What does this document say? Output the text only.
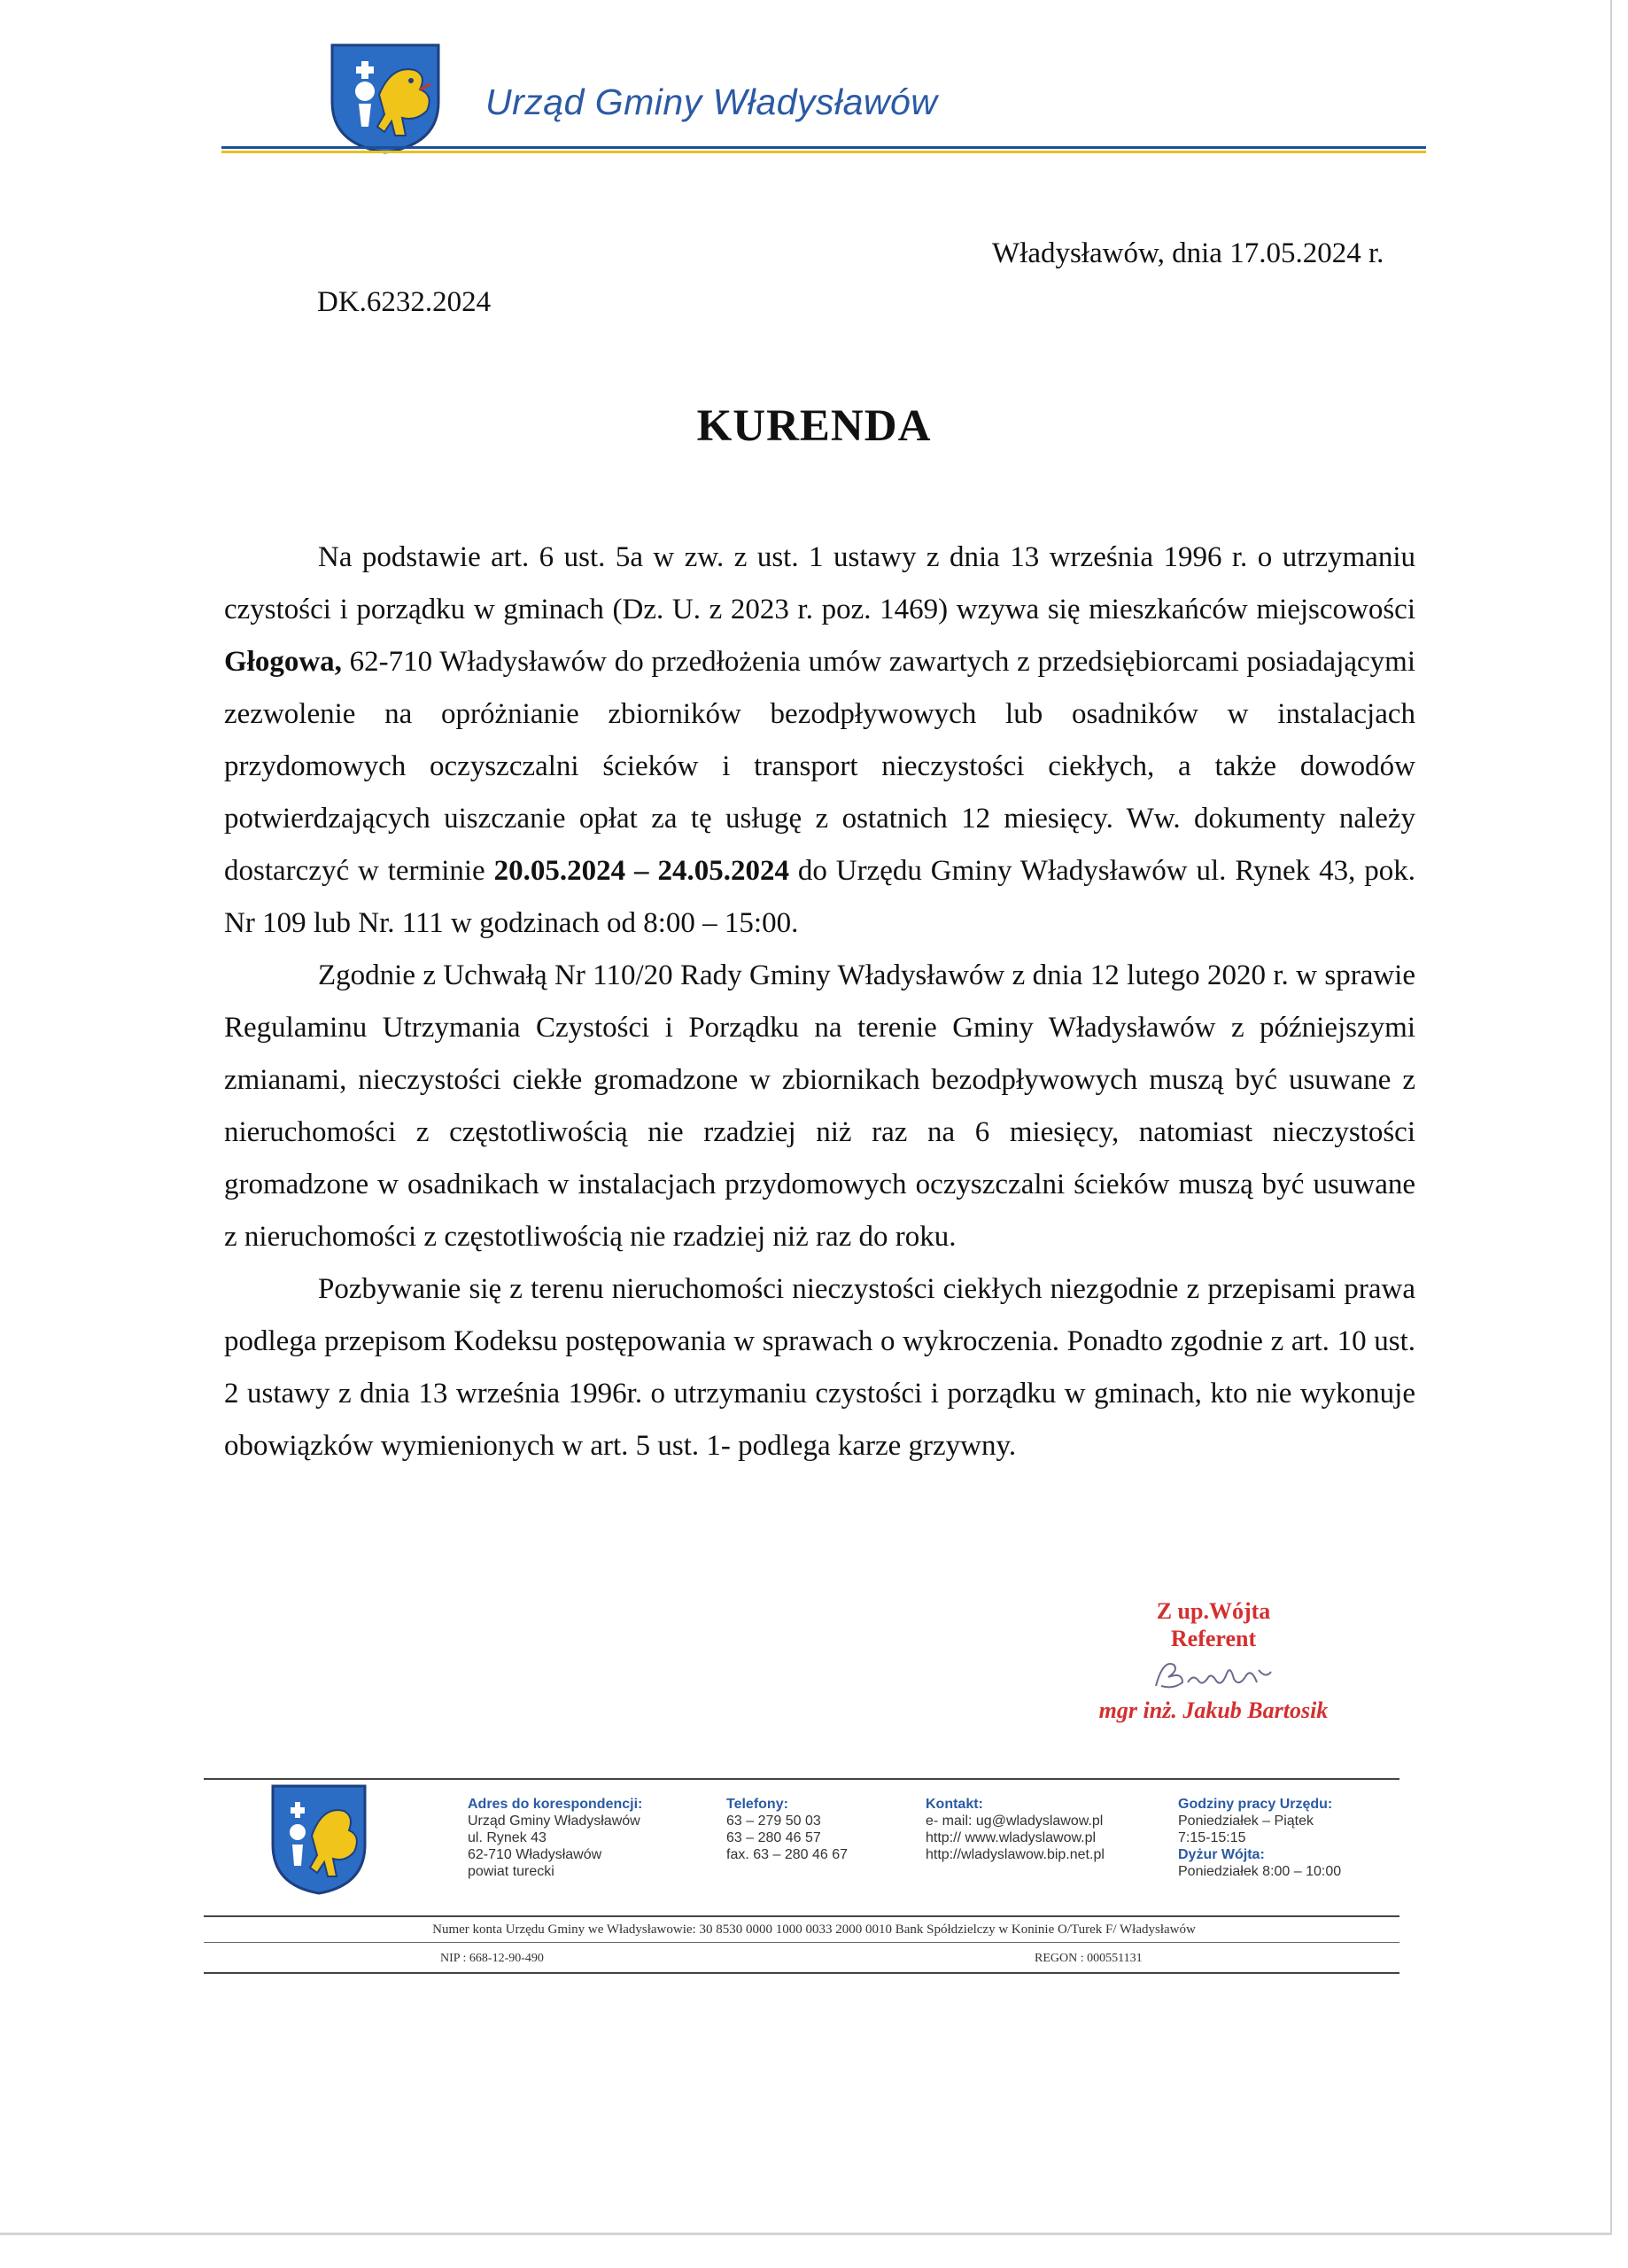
Urząd Gminy Władysławów
Władysławów, dnia 17.05.2024 r.
DK.6232.2024
KURENDA

Na podstawie art. 6 ust. 5a w zw. z ust. 1 ustawy z dnia 13 września 1996 r. o utrzymaniu czystości i porządku w gminach (Dz. U. z 2023 r. poz. 1469) wzywa się mieszkańców miejscowości Głogowa, 62-710 Władysławów do przedłożenia umów zawartych z przedsiębiorcami posiadającymi zezwolenie na opróżnianie zbiorników bezodpływowych lub osadników w instalacjach przydomowych oczyszczalni ścieków i transport nieczystości ciekłych, a także dowodów potwierdzających uiszczanie opłat za tę usługę z ostatnich 12 miesięcy. Ww. dokumenty należy dostarczyć w terminie 20.05.2024 – 24.05.2024 do Urzędu Gminy Władysławów ul. Rynek 43, pok. Nr 109 lub Nr. 111 w godzinach od 8:00 – 15:00.

Zgodnie z Uchwałą Nr 110/20 Rady Gminy Władysławów z dnia 12 lutego 2020 r. w sprawie Regulaminu Utrzymania Czystości i Porządku na terenie Gminy Władysławów z późniejszymi zmianami, nieczystości ciekłe gromadzone w zbiornikach bezodpływowych muszą być usuwane z nieruchomości z częstotliwością nie rzadziej niż raz na 6 miesięcy, natomiast nieczystości gromadzone w osadnikach w instalacjach przydomowych oczyszczalni ścieków muszą być usuwane z nieruchomości z częstotliwością nie rzadziej niż raz do roku.

Pozbywanie się z terenu nieruchomości nieczystości ciekłych niezgodnie z przepisami prawa podlega przepisom Kodeksu postępowania w sprawach o wykroczenia. Ponadto zgodnie z art. 10 ust. 2 ustawy z dnia 13 września 1996r. o utrzymaniu czystości i porządku w gminach, kto nie wykonuje obowiązków wymienionych w art. 5 ust. 1- podlega karze grzywny.

Z up.Wójta
Referent
mgr inż. Jakub Bartosik
Adres do korespondencji:
Urząd Gminy Władysławów
ul. Rynek 43
62-710 Władysławów
powiat turecki
Telefony:
63 – 279 50 03
63 – 280 46 57
fax. 63 – 280 46 67
Kontakt:
e- mail: ug@wladyslawow.pl
http:// www.wladyslawow.pl
http://wladyslawow.bip.net.pl
Godziny pracy Urzędu:
Poniedziałek – Piątek
7:15-15:15
Dyżur Wójta:
Poniedziałek 8:00 – 10:00
Numer konta Urzędu Gminy we Władysławowie: 30 8530 0000 1000 0033 2000 0010 Bank Spółdzielczy w Koninie O/Turek F/ Władysławów
NIP : 668-12-90-490	REGON : 000551131
